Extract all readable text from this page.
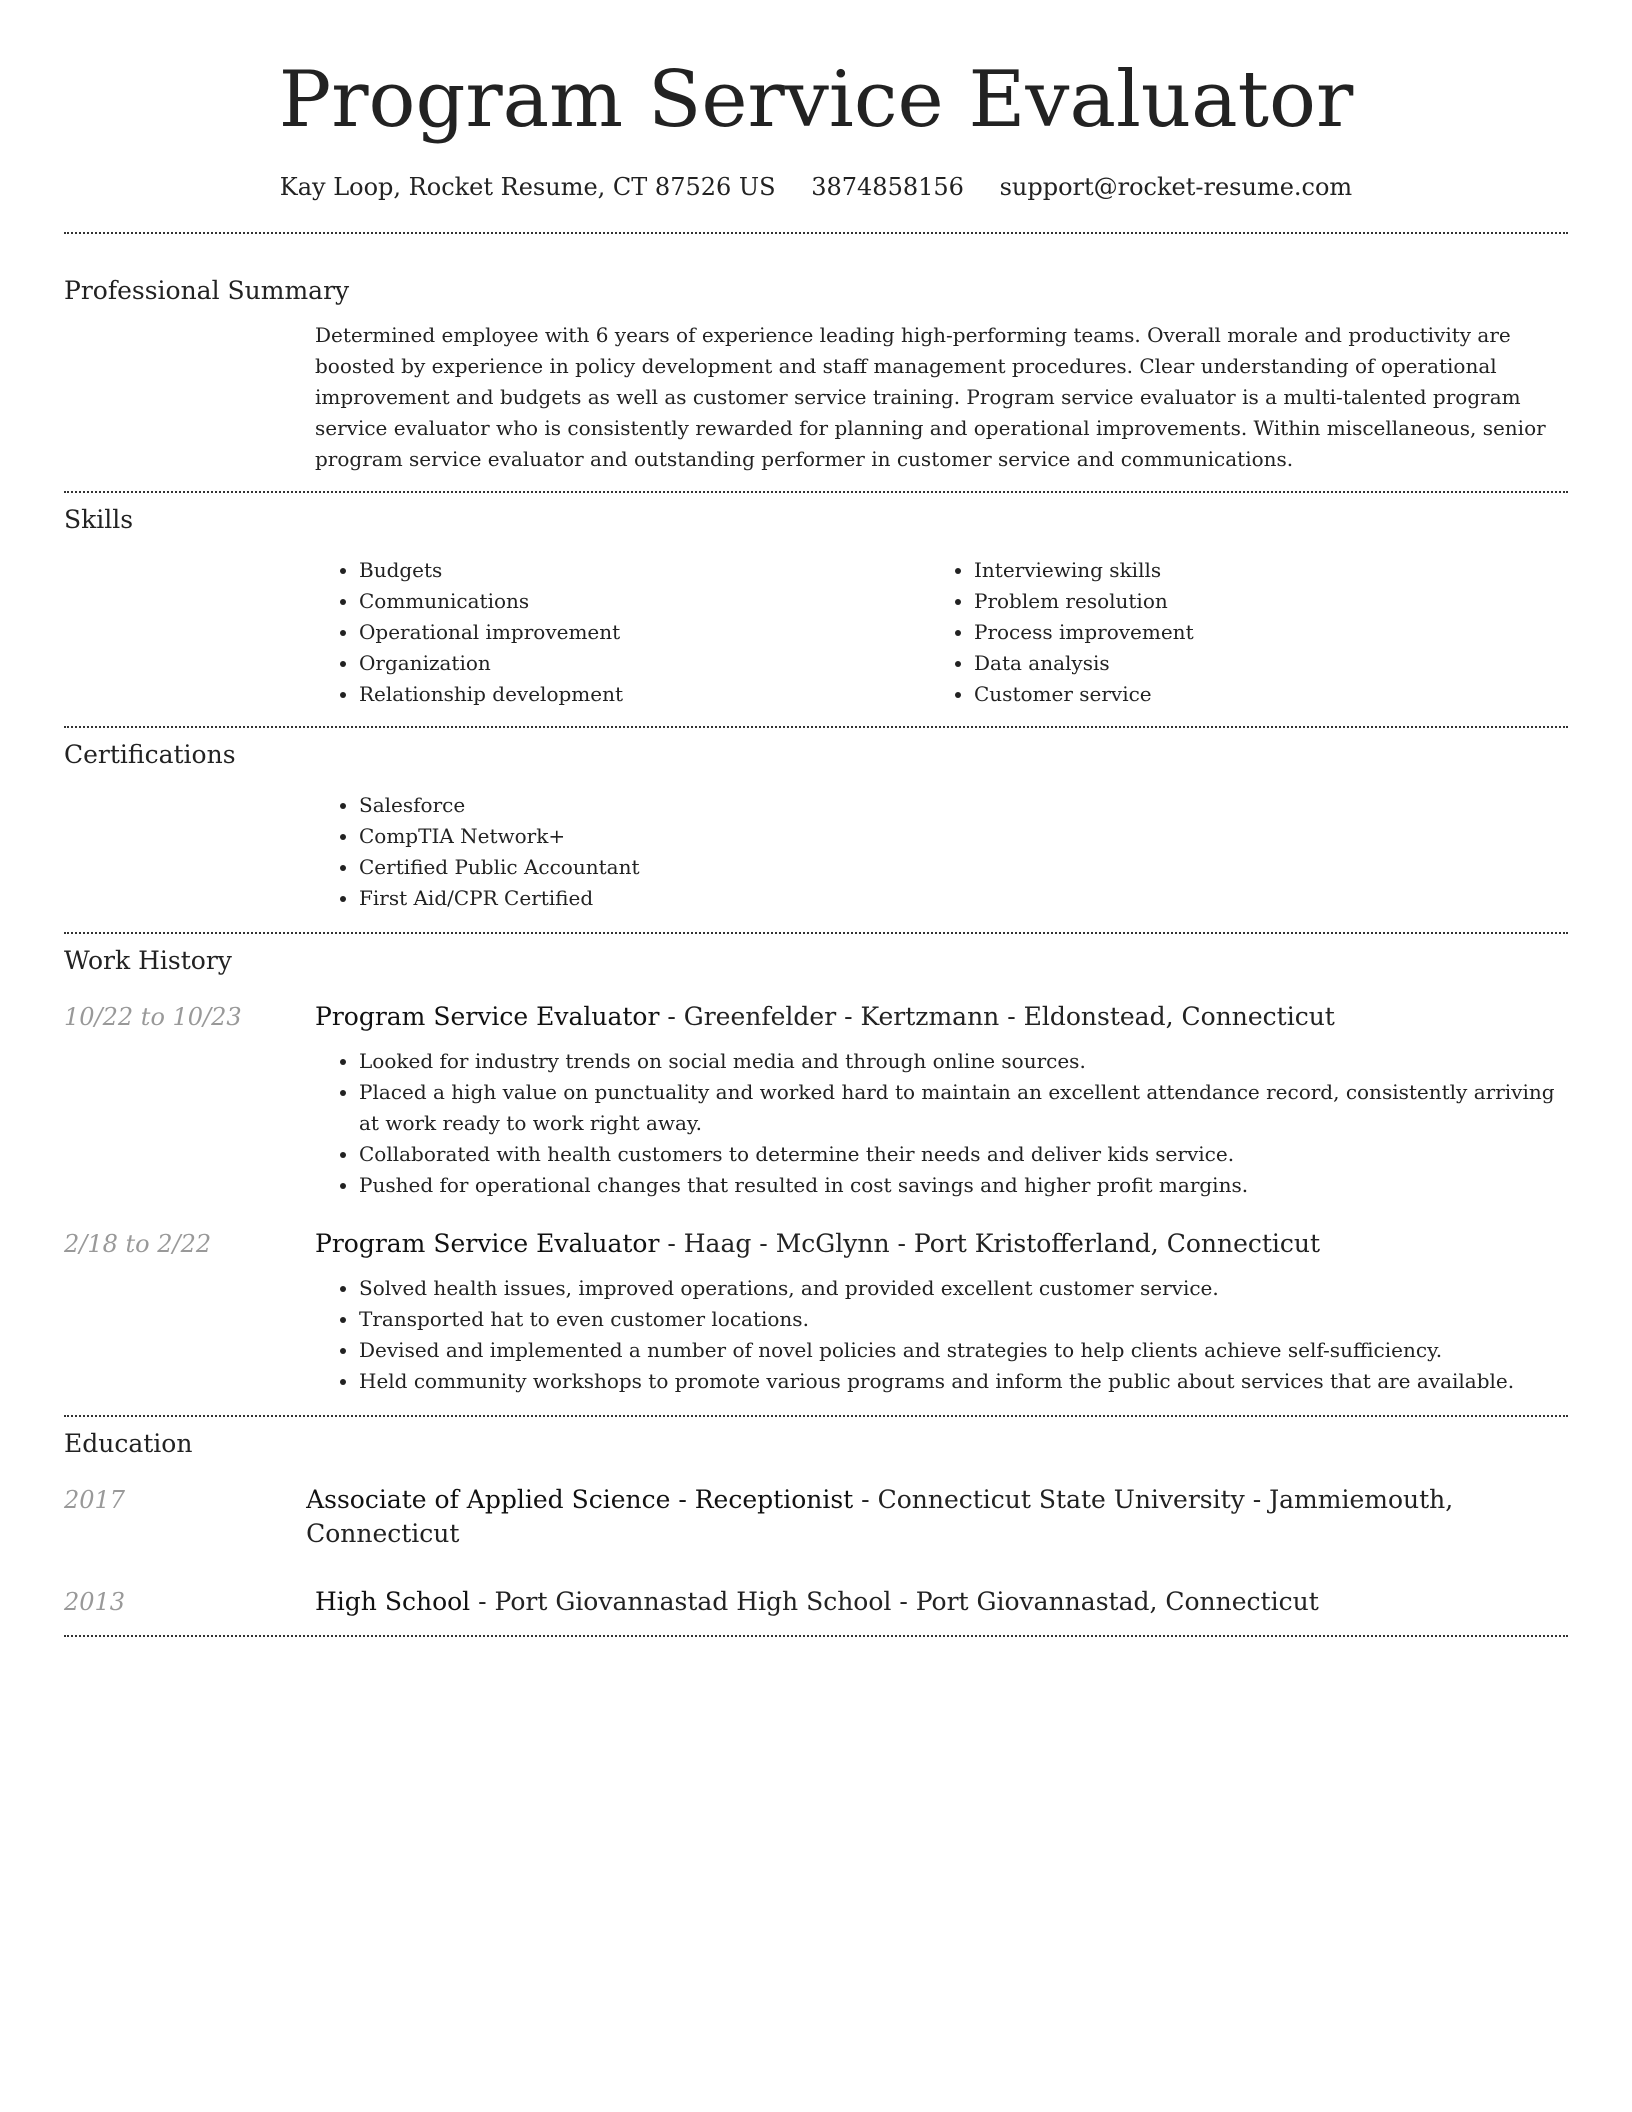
Program Service Evaluator
Kay Loop, Rocket Resume, CT 87526 US 3874858156 support@rocket-resume.com
Professional Summary
Determined employee with 6 years of experience leading high-performing teams. Overall morale and productivity are boosted by experience in policy development and staff management procedures. Clear understanding of operational improvement and budgets as well as customer service training. Program service evaluator is a multi-talented program service evaluator who is consistently rewarded for planning and operational improvements. Within miscellaneous, senior program service evaluator and outstanding performer in customer service and communications.
Skills
• Budgets
• Communications
• Operational improvement
• Organization
• Relationship development
• Interviewing skills
• Problem resolution
• Process improvement
• Data analysis
• Customer service
Certifications
• Salesforce
• CompTIA Network+
• Certified Public Accountant
• First Aid/CPR Certified
Work History
10/22 to 10/23	Program Service Evaluator - Greenfelder - Kertzmann - Eldonstead, Connecticut
• Looked for industry trends on social media and through online sources.
• Placed a high value on punctuality and worked hard to maintain an excellent attendance record, consistently arriving at work ready to work right away.
• Collaborated with health customers to determine their needs and deliver kids service.
• Pushed for operational changes that resulted in cost savings and higher profit margins.
2/18 to 2/22	Program Service Evaluator - Haag - McGlynn - Port Kristofferland, Connecticut
• Solved health issues, improved operations, and provided excellent customer service.
• Transported hat to even customer locations.
• Devised and implemented a number of novel policies and strategies to help clients achieve self-sufficiency.
• Held community workshops to promote various programs and inform the public about services that are available.
Education
2017	Associate of Applied Science - Receptionist - Connecticut State University - Jammiemouth, Connecticut
2013	High School - Port Giovannastad High School - Port Giovannastad, Connecticut
